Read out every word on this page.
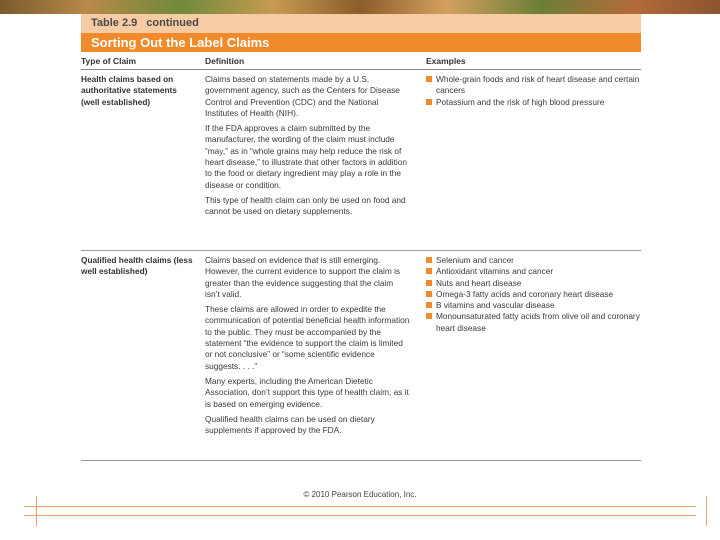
Table 2.9 continued
Sorting Out the Label Claims
Type of Claim	Definition	Examples
Health claims based on authoritative statements (well established)

Claims based on statements made by a U.S. government agency, such as the Centers for Disease Control and Prevention (CDC) and the National Institutes of Health (NIH).

If the FDA approves a claim submitted by the manufacturer, the wording of the claim must include “may,” as in “whole grains may help reduce the risk of heart disease,” to illustrate that other factors in addition to the food or dietary ingredient may play a role in the disease or condition.

This type of health claim can only be used on food and cannot be used on dietary supplements.

Whole-grain foods and risk of heart disease and certain cancers
Potassium and the risk of high blood pressure
Qualified health claims (less well established)

Claims based on evidence that is still emerging. However, the current evidence to support the claim is greater than the evidence suggesting that the claim isn’t valid.

These claims are allowed in order to expedite the communication of potential beneficial health information to the public. They must be accompanied by the statement “the evidence to support the claim is limited or not conclusive” or “some scientific evidence suggests. . . .”

Many experts, including the American Dietetic Association, don’t support this type of health claim, as it is based on emerging evidence.

Qualified health claims can be used on dietary supplements if approved by the FDA.

Selenium and cancer
Antioxidant vitamins and cancer
Nuts and heart disease
Omega-3 fatty acids and coronary heart disease
B vitamins and vascular disease
Monounsaturated fatty acids from olive oil and coronary heart disease
© 2010 Pearson Education, Inc.
